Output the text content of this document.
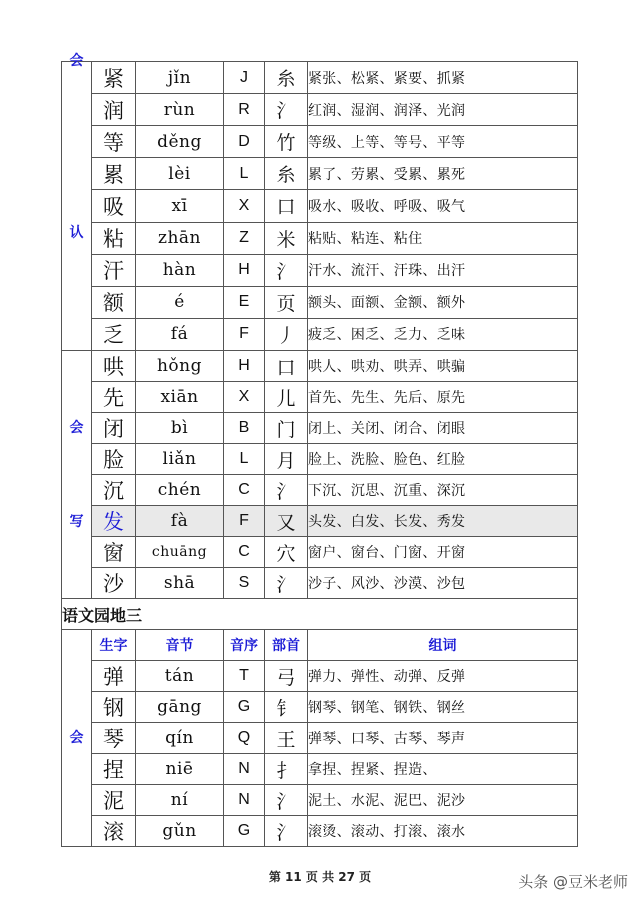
会
认	紧	jǐn	J	糸	紧张、松紧、紧要、抓紧
	润	rùn	R	氵	红润、湿润、润泽、光润
	等	děng	D	竹	等级、上等、等号、平等
	累	lèi	L	糸	累了、劳累、受累、累死
	吸	xī	X	口	吸水、吸收、呼吸、吸气
	粘	zhān	Z	米	粘贴、粘连、粘住
	汗	hàn	H	氵	汗水、流汗、汗珠、出汗
	额	é	E	页	额头、面额、金额、额外
	乏	fá	F	丿	疲乏、困乏、乏力、乏味

会
写	哄	hǒng	H	口	哄人、哄劝、哄弄、哄骗
	先	xiān	X	儿	首先、先生、先后、原先
	闭	bì	B	门	闭上、关闭、闭合、闭眼
	脸	liǎn	L	月	脸上、洗脸、脸色、红脸
	沉	chén	C	氵	下沉、沉思、沉重、深沉
	发	fà	F	又	头发、白发、长发、秀发
	窗	chuāng	C	穴	窗户、窗台、门窗、开窗
	沙	shā	S	氵	沙子、风沙、沙漠、沙包
语文园地三					

会	生字	音节	音序	部首	组词
	弹	tán	T	弓	弹力、弹性、动弹、反弹
	钢	gāng	G	钅	钢琴、钢笔、钢铁、钢丝
	琴	qín	Q	王	弹琴、口琴、古琴、琴声
	捏	niē	N	扌	拿捏、捏紧、捏造、
	泥	ní	N	氵	泥土、水泥、泥巴、泥沙
	滚	gǔn	G	氵	滚烫、滚动、打滚、滚水
第 11 页 共 27 页	头条 @豆米老师
